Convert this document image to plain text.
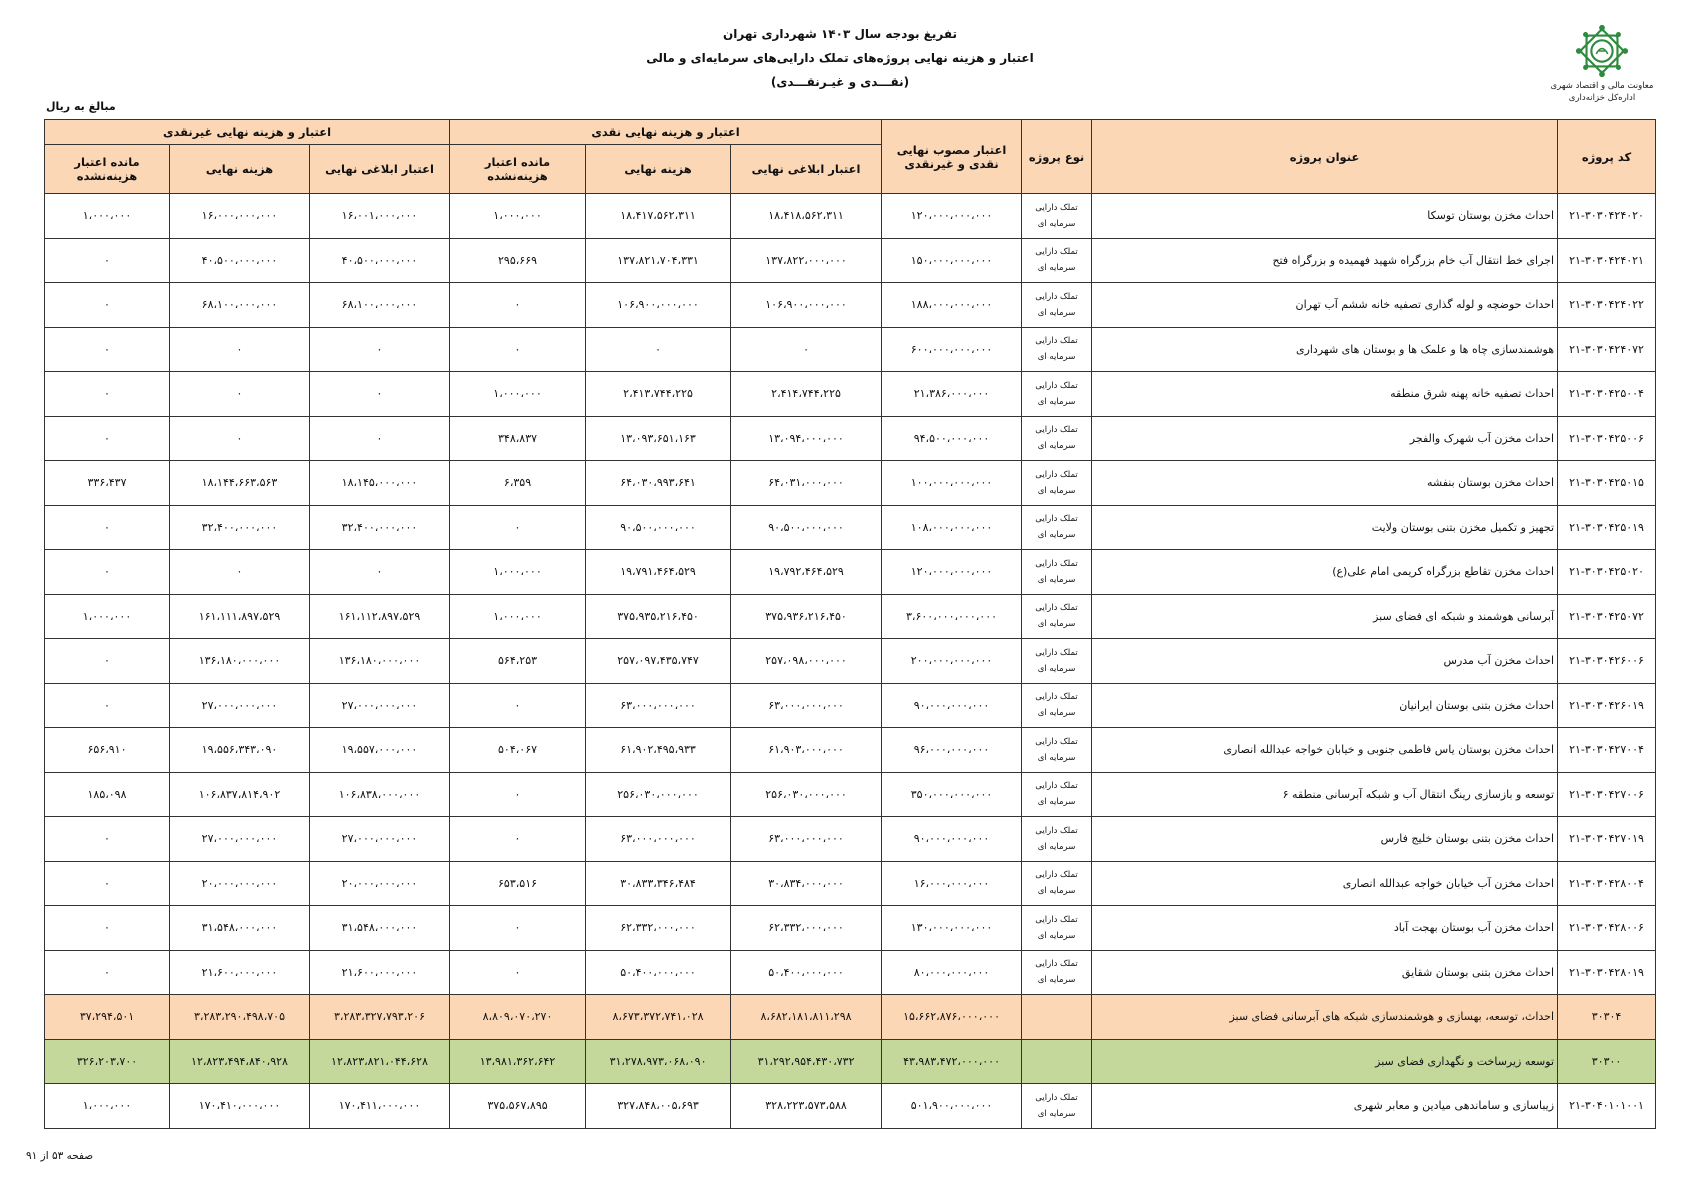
تفریغ بودجه سال ۱۴۰۳ شهرداری تهران
اعتبار و هزینه نهایی پروژه‌های تملک دارایی‌های سرمایه‌ای و مالی
(نقـــدی و غیـرنقـــدی)	معاونت مالی و اقتصاد شهری
اداره‌کل خزانه‌داری
مبالغ به ریال
کد پروژه	عنوان پروژه	نوع پروژه	اعتبار مصوب نهایی نقدی و غیرنقدی	اعتبار و هزینه نهایی نقدی			اعتبار و هزینه نهایی غیرنقدی		
				اعتبار ابلاغی نهایی	هزینه نهایی	مانده اعتبار هزینه‌نشده	اعتبار ابلاغی نهایی	هزینه نهایی	مانده اعتبار هزینه‌نشده
۲۱-۳۰۳۰۴۲۴۰۲۰	احداث مخزن بوستان توسکا	تملک دارایی
سرمایه ای	۱۲۰،۰۰۰،۰۰۰،۰۰۰	۱۸،۴۱۸،۵۶۲،۳۱۱	۱۸،۴۱۷،۵۶۲،۳۱۱	۱،۰۰۰،۰۰۰	۱۶،۰۰۱،۰۰۰،۰۰۰	۱۶،۰۰۰،۰۰۰،۰۰۰	۱،۰۰۰،۰۰۰
۲۱-۳۰۳۰۴۲۴۰۲۱	اجرای خط انتقال آب خام بزرگراه شهید فهمیده و بزرگراه فتح	تملک دارایی
سرمایه ای	۱۵۰،۰۰۰،۰۰۰،۰۰۰	۱۳۷،۸۲۲،۰۰۰،۰۰۰	۱۳۷،۸۲۱،۷۰۴،۳۳۱	۲۹۵،۶۶۹	۴۰،۵۰۰،۰۰۰،۰۰۰	۴۰،۵۰۰،۰۰۰،۰۰۰	۰
۲۱-۳۰۳۰۴۲۴۰۲۲	احداث حوضچه و لوله گذاری تصفیه خانه ششم آب تهران	تملک دارایی
سرمایه ای	۱۸۸،۰۰۰،۰۰۰،۰۰۰	۱۰۶،۹۰۰،۰۰۰،۰۰۰	۱۰۶،۹۰۰،۰۰۰،۰۰۰	۰	۶۸،۱۰۰،۰۰۰،۰۰۰	۶۸،۱۰۰،۰۰۰،۰۰۰	۰
۲۱-۳۰۳۰۴۲۴۰۷۲	هوشمندسازی چاه ها و علمک ها و بوستان های شهرداری	تملک دارایی
سرمایه ای	۶۰۰،۰۰۰،۰۰۰،۰۰۰	۰	۰	۰	۰	۰	۰
۲۱-۳۰۳۰۴۲۵۰۰۴	احداث تصفیه خانه پهنه شرق منطقه	تملک دارایی
سرمایه ای	۲۱،۳۸۶،۰۰۰،۰۰۰	۲،۴۱۴،۷۴۴،۲۲۵	۲،۴۱۳،۷۴۴،۲۲۵	۱،۰۰۰،۰۰۰	۰	۰	۰
۲۱-۳۰۳۰۴۲۵۰۰۶	احداث مخزن آب شهرک والفجر	تملک دارایی
سرمایه ای	۹۴،۵۰۰،۰۰۰،۰۰۰	۱۳،۰۹۴،۰۰۰،۰۰۰	۱۳،۰۹۳،۶۵۱،۱۶۳	۳۴۸،۸۳۷	۰	۰	۰
۲۱-۳۰۳۰۴۲۵۰۱۵	احداث مخزن بوستان بنفشه	تملک دارایی
سرمایه ای	۱۰۰،۰۰۰،۰۰۰،۰۰۰	۶۴،۰۳۱،۰۰۰،۰۰۰	۶۴،۰۳۰،۹۹۳،۶۴۱	۶،۳۵۹	۱۸،۱۴۵،۰۰۰،۰۰۰	۱۸،۱۴۴،۶۶۳،۵۶۳	۳۳۶،۴۳۷
۲۱-۳۰۳۰۴۲۵۰۱۹	تجهیز و تکمیل مخزن بتنی بوستان ولایت	تملک دارایی
سرمایه ای	۱۰۸،۰۰۰،۰۰۰،۰۰۰	۹۰،۵۰۰،۰۰۰،۰۰۰	۹۰،۵۰۰،۰۰۰،۰۰۰	۰	۳۲،۴۰۰،۰۰۰،۰۰۰	۳۲،۴۰۰،۰۰۰،۰۰۰	۰
۲۱-۳۰۳۰۴۲۵۰۲۰	احداث مخزن تقاطع بزرگراه کریمی امام علی(ع)	تملک دارایی
سرمایه ای	۱۲۰،۰۰۰،۰۰۰،۰۰۰	۱۹،۷۹۲،۴۶۴،۵۲۹	۱۹،۷۹۱،۴۶۴،۵۲۹	۱،۰۰۰،۰۰۰	۰	۰	۰
۲۱-۳۰۳۰۴۲۵۰۷۲	آبرسانی هوشمند و شبکه ای فضای سبز	تملک دارایی
سرمایه ای	۳،۶۰۰،۰۰۰،۰۰۰،۰۰۰	۳۷۵،۹۳۶،۲۱۶،۴۵۰	۳۷۵،۹۳۵،۲۱۶،۴۵۰	۱،۰۰۰،۰۰۰	۱۶۱،۱۱۲،۸۹۷،۵۲۹	۱۶۱،۱۱۱،۸۹۷،۵۲۹	۱،۰۰۰،۰۰۰
۲۱-۳۰۳۰۴۲۶۰۰۶	احداث مخزن آب مدرس	تملک دارایی
سرمایه ای	۲۰۰،۰۰۰،۰۰۰،۰۰۰	۲۵۷،۰۹۸،۰۰۰،۰۰۰	۲۵۷،۰۹۷،۴۳۵،۷۴۷	۵۶۴،۲۵۳	۱۳۶،۱۸۰،۰۰۰،۰۰۰	۱۳۶،۱۸۰،۰۰۰،۰۰۰	۰
۲۱-۳۰۳۰۴۲۶۰۱۹	احداث مخزن بتنی بوستان ایرانیان	تملک دارایی
سرمایه ای	۹۰،۰۰۰،۰۰۰،۰۰۰	۶۳،۰۰۰،۰۰۰،۰۰۰	۶۳،۰۰۰،۰۰۰،۰۰۰	۰	۲۷،۰۰۰،۰۰۰،۰۰۰	۲۷،۰۰۰،۰۰۰،۰۰۰	۰
۲۱-۳۰۳۰۴۲۷۰۰۴	احداث مخزن بوستان یاس فاطمی جنوبی و خیابان خواجه عبدالله انصاری	تملک دارایی
سرمایه ای	۹۶،۰۰۰،۰۰۰،۰۰۰	۶۱،۹۰۳،۰۰۰،۰۰۰	۶۱،۹۰۲،۴۹۵،۹۳۳	۵۰۴،۰۶۷	۱۹،۵۵۷،۰۰۰،۰۰۰	۱۹،۵۵۶،۳۴۳،۰۹۰	۶۵۶،۹۱۰
۲۱-۳۰۳۰۴۲۷۰۰۶	توسعه و بازسازی رینگ انتقال آب و شبکه آبرسانی منطقه ۶	تملک دارایی
سرمایه ای	۳۵۰،۰۰۰،۰۰۰،۰۰۰	۲۵۶،۰۳۰،۰۰۰،۰۰۰	۲۵۶،۰۳۰،۰۰۰،۰۰۰	۰	۱۰۶،۸۳۸،۰۰۰،۰۰۰	۱۰۶،۸۳۷،۸۱۴،۹۰۲	۱۸۵،۰۹۸
۲۱-۳۰۳۰۴۲۷۰۱۹	احداث مخزن بتنی بوستان خلیج فارس	تملک دارایی
سرمایه ای	۹۰،۰۰۰،۰۰۰،۰۰۰	۶۳،۰۰۰،۰۰۰،۰۰۰	۶۳،۰۰۰،۰۰۰،۰۰۰	۰	۲۷،۰۰۰،۰۰۰،۰۰۰	۲۷،۰۰۰،۰۰۰،۰۰۰	۰
۲۱-۳۰۳۰۴۲۸۰۰۴	احداث مخزن آب خیابان خواجه عبدالله انصاری	تملک دارایی
سرمایه ای	۱۶،۰۰۰،۰۰۰،۰۰۰	۳۰،۸۳۴،۰۰۰،۰۰۰	۳۰،۸۳۳،۳۴۶،۴۸۴	۶۵۳،۵۱۶	۲۰،۰۰۰،۰۰۰،۰۰۰	۲۰،۰۰۰،۰۰۰،۰۰۰	۰
۲۱-۳۰۳۰۴۲۸۰۰۶	احداث مخزن آب بوستان بهجت آباد	تملک دارایی
سرمایه ای	۱۳۰،۰۰۰،۰۰۰،۰۰۰	۶۲،۳۳۲،۰۰۰،۰۰۰	۶۲،۳۳۲،۰۰۰،۰۰۰	۰	۳۱،۵۴۸،۰۰۰،۰۰۰	۳۱،۵۴۸،۰۰۰،۰۰۰	۰
۲۱-۳۰۳۰۴۲۸۰۱۹	احداث مخزن بتنی بوستان شقایق	تملک دارایی
سرمایه ای	۸۰،۰۰۰،۰۰۰،۰۰۰	۵۰،۴۰۰،۰۰۰،۰۰۰	۵۰،۴۰۰،۰۰۰،۰۰۰	۰	۲۱،۶۰۰،۰۰۰،۰۰۰	۲۱،۶۰۰،۰۰۰،۰۰۰	۰
۳۰۳۰۴	احداث، توسعه، بهسازی و هوشمندسازی شبکه های آبرسانی فضای سبز		۱۵،۶۶۲،۸۷۶،۰۰۰،۰۰۰	۸،۶۸۲،۱۸۱،۸۱۱،۲۹۸	۸،۶۷۳،۳۷۲،۷۴۱،۰۲۸	۸،۸۰۹،۰۷۰،۲۷۰	۳،۲۸۳،۳۲۷،۷۹۳،۲۰۶	۳،۲۸۳،۲۹۰،۴۹۸،۷۰۵	۳۷،۲۹۴،۵۰۱
۳۰۳۰۰	توسعه زیرساخت و نگهداری فضای سبز		۴۳،۹۸۳،۴۷۲،۰۰۰،۰۰۰	۳۱،۲۹۲،۹۵۴،۴۳۰،۷۳۲	۳۱،۲۷۸،۹۷۳،۰۶۸،۰۹۰	۱۳،۹۸۱،۳۶۲،۶۴۲	۱۲،۸۲۳،۸۲۱،۰۴۴،۶۲۸	۱۲،۸۲۳،۴۹۴،۸۴۰،۹۲۸	۳۲۶،۲۰۳،۷۰۰
۲۱-۳۰۴۰۱۰۱۰۰۱	زیباسازی و ساماندهی میادین و معابر شهری	تملک دارایی
سرمایه ای	۵۰۱،۹۰۰،۰۰۰،۰۰۰	۳۲۸،۲۲۳،۵۷۳،۵۸۸	۳۲۷،۸۴۸،۰۰۵،۶۹۳	۳۷۵،۵۶۷،۸۹۵	۱۷۰،۴۱۱،۰۰۰،۰۰۰	۱۷۰،۴۱۰،۰۰۰،۰۰۰	۱،۰۰۰،۰۰۰
صفحه ۵۳ از ۹۱
